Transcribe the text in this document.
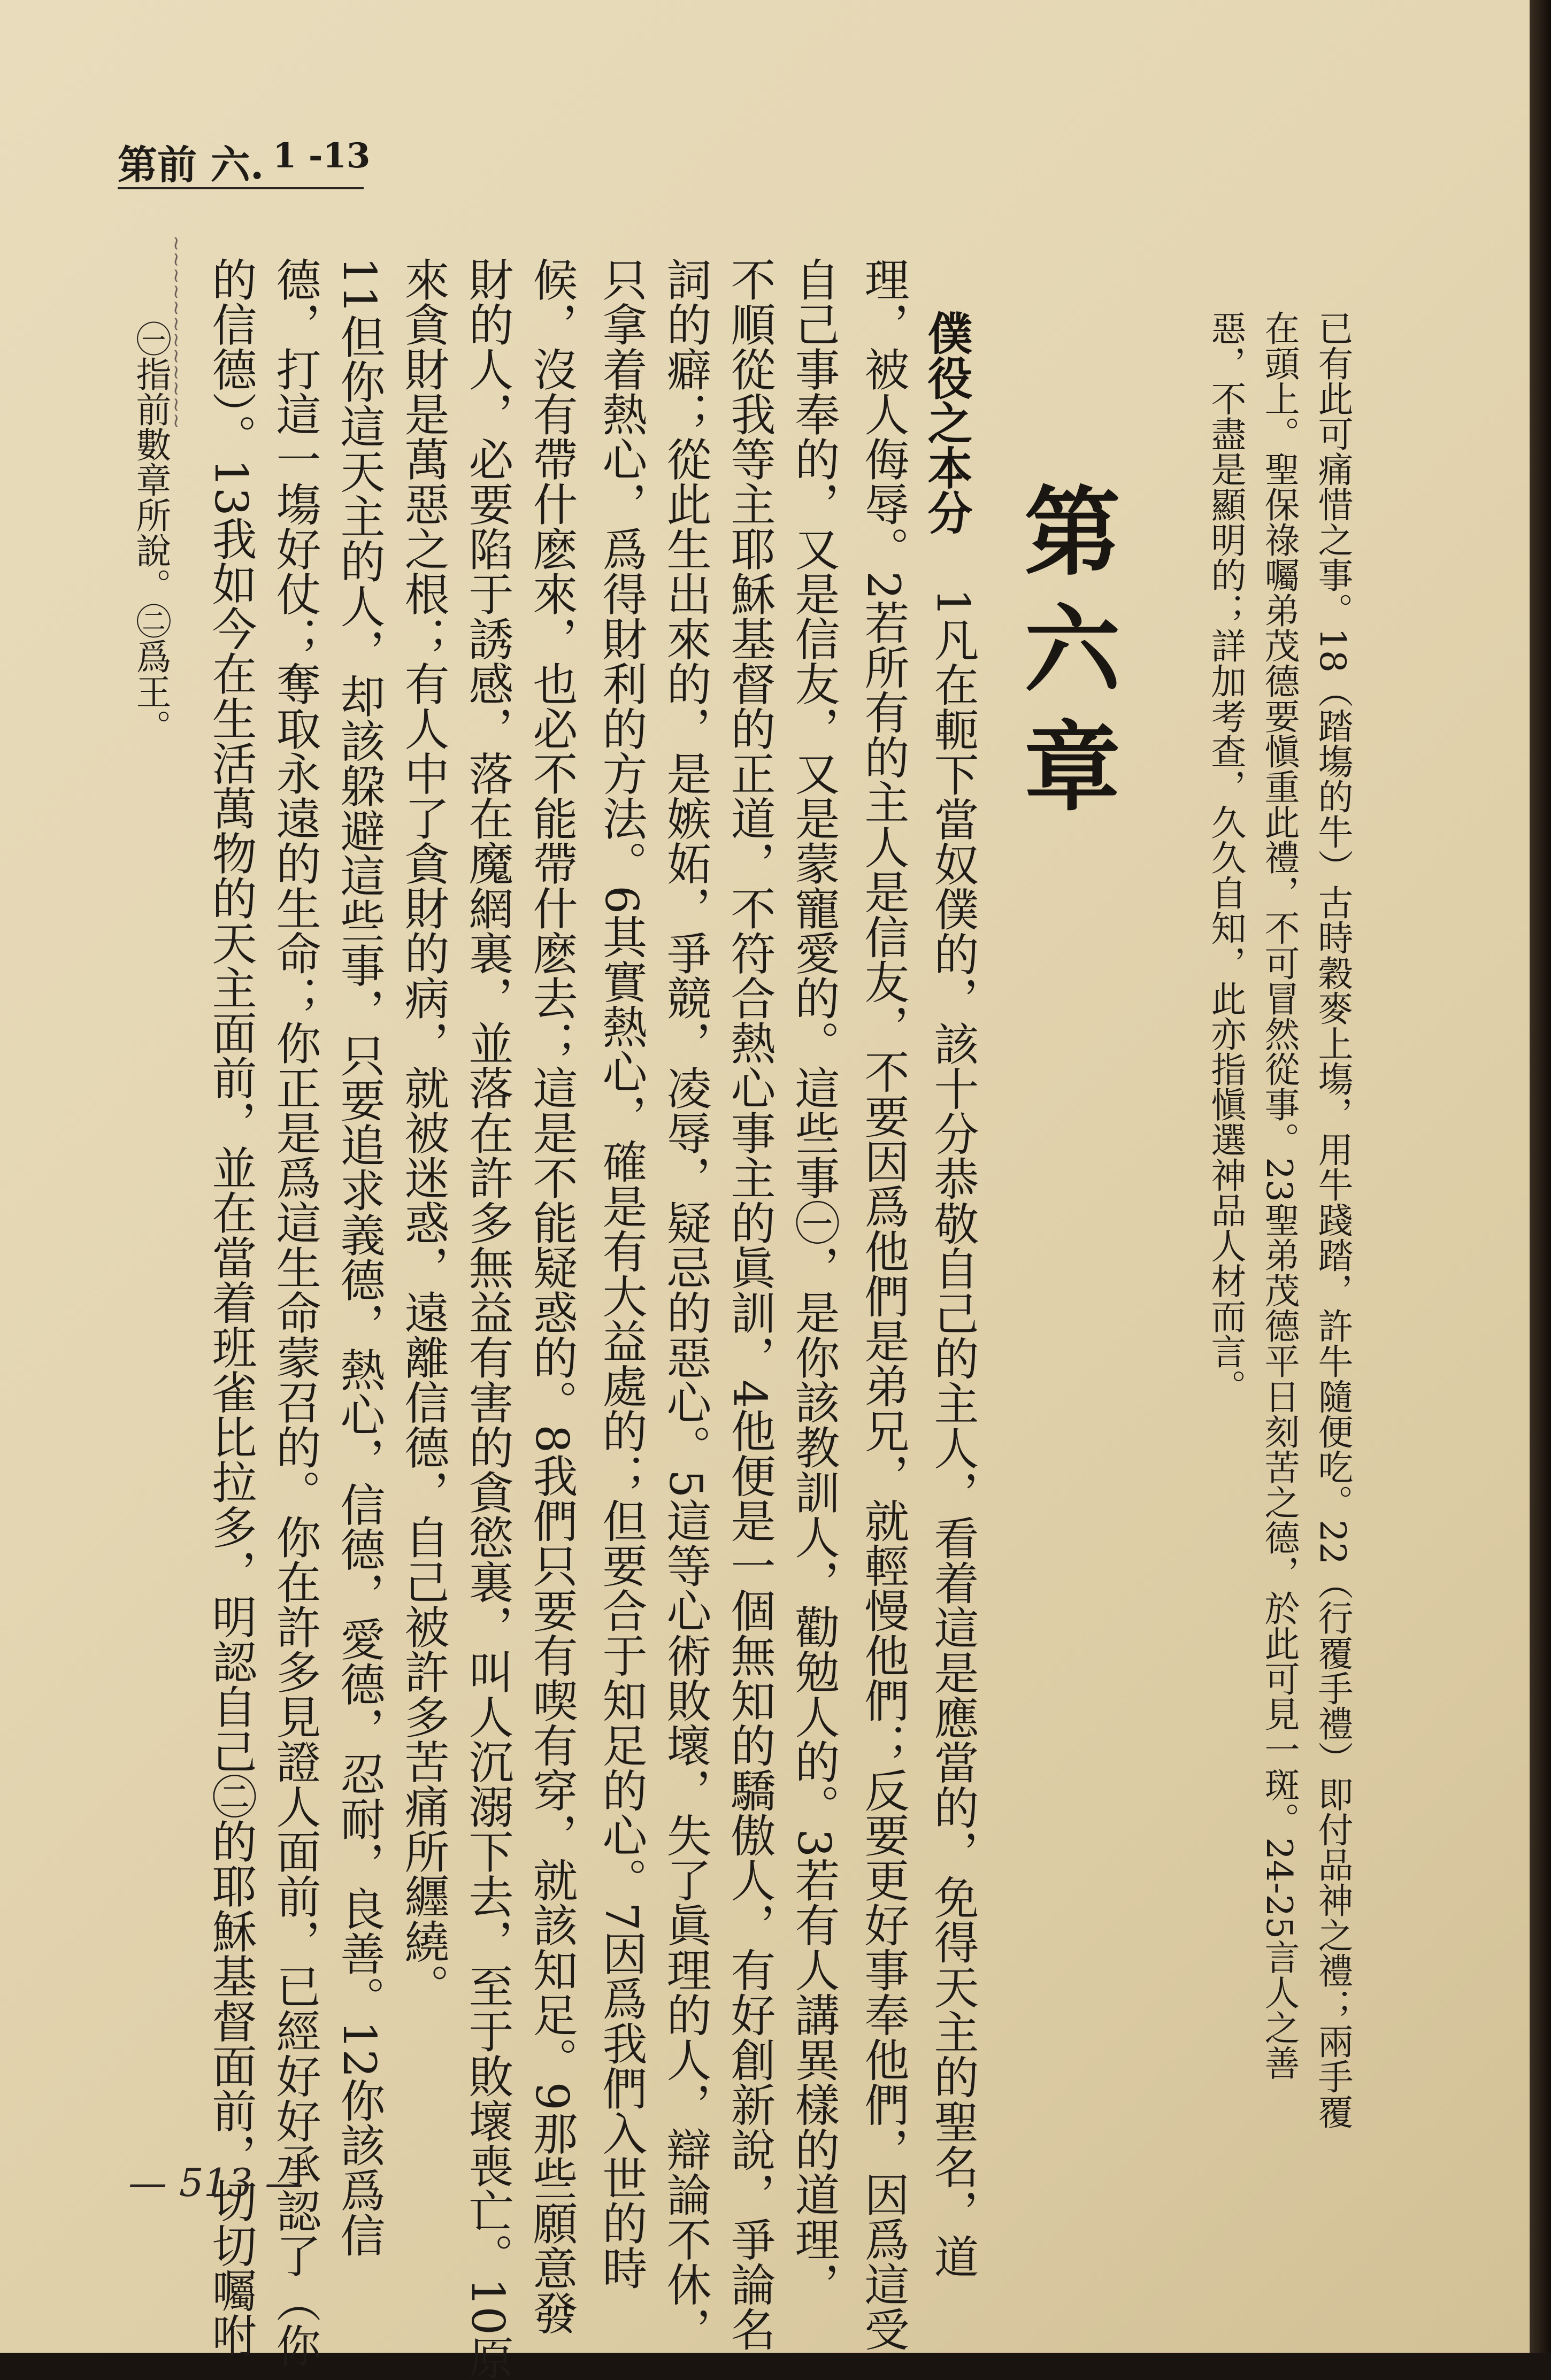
第前 六. 1 -13
已有此可痛惜之事。18（踏塲的牛）古時穀麥上塲，用牛踐踏，許牛隨便吃。22（行覆手禮）即付品神之禮；兩手覆
在頭上。聖保祿囑弟茂德要愼重此禮，不可冒然從事。23聖弟茂德平日刻苦之德，於此可見一斑。24-25言人之善
惡，不盡是顯明的；詳加考查，久久自知，此亦指愼選神品人材而言。
第六章
僕役之本分
1凡在軛下當奴僕的，該十分恭敬自己的主人，看着這是應當的，免得天主的聖名，道
理，被人侮辱。2若所有的主人是信友，不要因爲他們是弟兄，就輕慢他們；反要更好事奉他們，因爲這受
自己事奉的，又是信友，又是蒙寵愛的。這些事㊀，是你該教訓人，勸勉人的。3若有人講異樣的道理，
不順從我等主耶穌基督的正道，不符合熱心事主的眞訓，4他便是一個無知的驕傲人，有好創新說，爭論名
詞的癖；從此生出來的，是嫉妬，爭競，凌辱，疑忌的惡心。5這等心術敗壞，失了眞理的人，辯論不休，
只拿着熱心，爲得財利的方法。6其實熱心，確是有大益處的；但要合于知足的心。7因爲我們入世的時
候，沒有帶什麽來，也必不能帶什麽去；這是不能疑惑的。8我們只要有喫有穿，就該知足。9那些願意發
財的人，必要陷于誘感，落在魔網裏，並落在許多無益有害的貪慾裏，叫人沉溺下去，至于敗壞喪亡。10原
來貪財是萬惡之根；有人中了貪財的病，就被迷惑，遠離信德，自己被許多苦痛所纒繞。
11但你這天主的人，却該躱避這些事，只要追求義德，熱心，信德，愛德，忍耐，良善。12你該爲信
德，打這一塲好仗；奪取永遠的生命；你正是爲這生命蒙召的。你在許多見證人面前，已經好好承認了（你
的信德）。13我如今在生活萬物的天主面前，並在當着班雀比拉多，明認自己㊁的耶穌基督面前，切切囑咐
~~~~~~~~~~~~
㊀指前數章所說。㊁爲王。
— 513 —
